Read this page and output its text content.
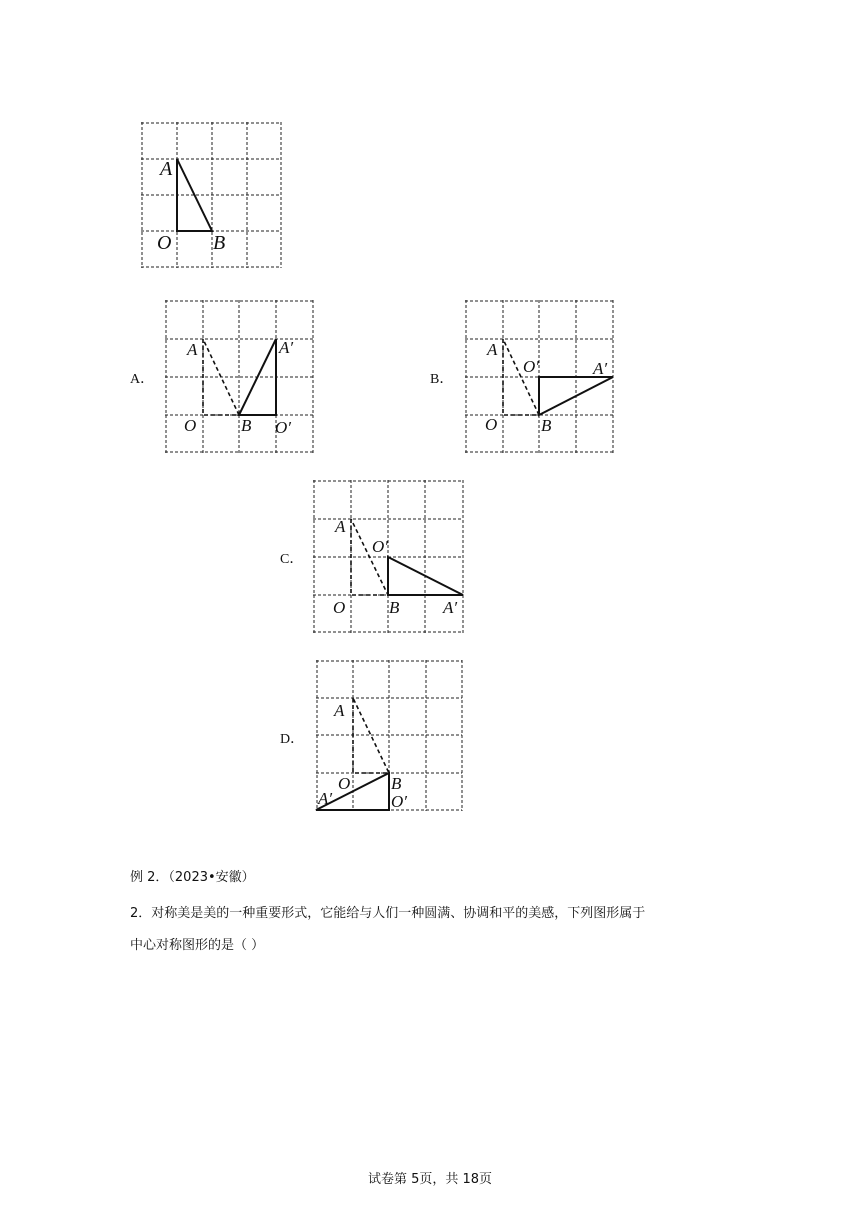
A
O B
A．
A
O	B
A′
O′
B．
A
O	B
O′	A′
C．
A
O	B
O′
A′
D．
A
O B
A′	O′
例 2．（2023•安徽）
2．对称美是美的一种重要形式，它能给与人们一种圆满、协调和平的美感，下列图形属于
中心对称图形的是（ ）
试卷第 5页，共 18页
